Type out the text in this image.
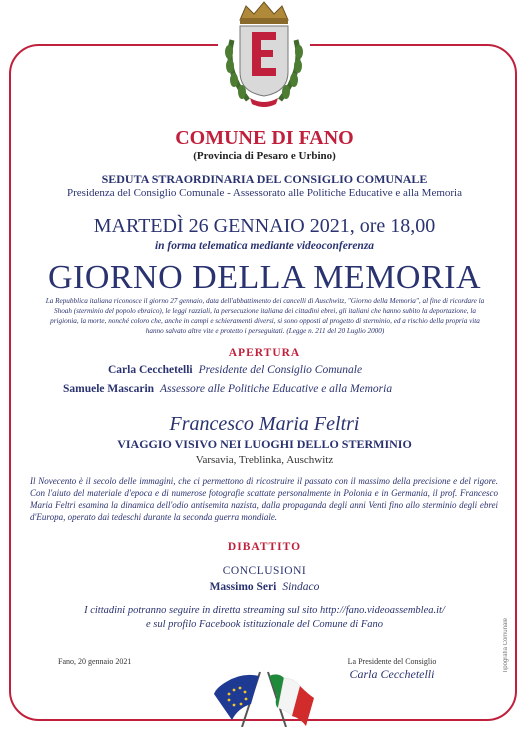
COMUNE DI FANO
(Provincia di Pesaro e Urbino)
SEDUTA STRAORDINARIA DEL CONSIGLIO COMUNALE
Presidenza del Consiglio Comunale - Assessorato alle Politiche Educative e alla Memoria
MARTEDÌ 26 GENNAIO 2021, ore 18,00
in forma telematica mediante videoconferenza
GIORNO DELLA MEMORIA
La Repubblica italiana riconosce il giorno 27 gennaio, data dell'abbattimento dei cancelli di Auschwitz, "Giorno della Memoria", al fine di ricordare la Shoah (sterminio del popolo ebraico), le leggi razziali, la persecuzione italiana dei cittadini ebrei, gli italiani che hanno subìto la deportazione, la prigionia, la morte, nonché coloro che, anche in campi e schieramenti diversi, si sono opposti al progetto di sterminio, ed a rischio della propria vita hanno salvato altre vite e protetto i perseguitati. (Legge n. 211 del 20 Luglio 2000)
APERTURA
Carla Cecchetelli Presidente del Consiglio Comunale
Samuele Mascarin Assessore alle Politiche Educative e alla Memoria
Francesco Maria Feltri
VIAGGIO VISIVO NEI LUOGHI DELLO STERMINIO
Varsavia, Treblinka, Auschwitz
Il Novecento è il secolo delle immagini, che ci permettono di ricostruire il passato con il massimo della precisione e del rigore. Con l'aiuto del materiale d'epoca e di numerose fotografie scattate personalmente in Polonia e in Germania, il prof. Francesco Maria Feltri esamina la dinamica dell'odio antisemita nazista, dalla propaganda degli anni Venti fino allo sterminio degli ebrei d'Europa, operato dai tedeschi durante la seconda guerra mondiale.
DIBATTITO
CONCLUSIONI
Massimo Seri Sindaco
I cittadini potranno seguire in diretta streaming sul sito http://fano.videoassemblea.it/
e sul profilo Facebook istituzionale del Comune di Fano
Fano, 20 gennaio 2021	La Presidente del Consiglio
Carla Cecchetelli
Tipografia Comunale
